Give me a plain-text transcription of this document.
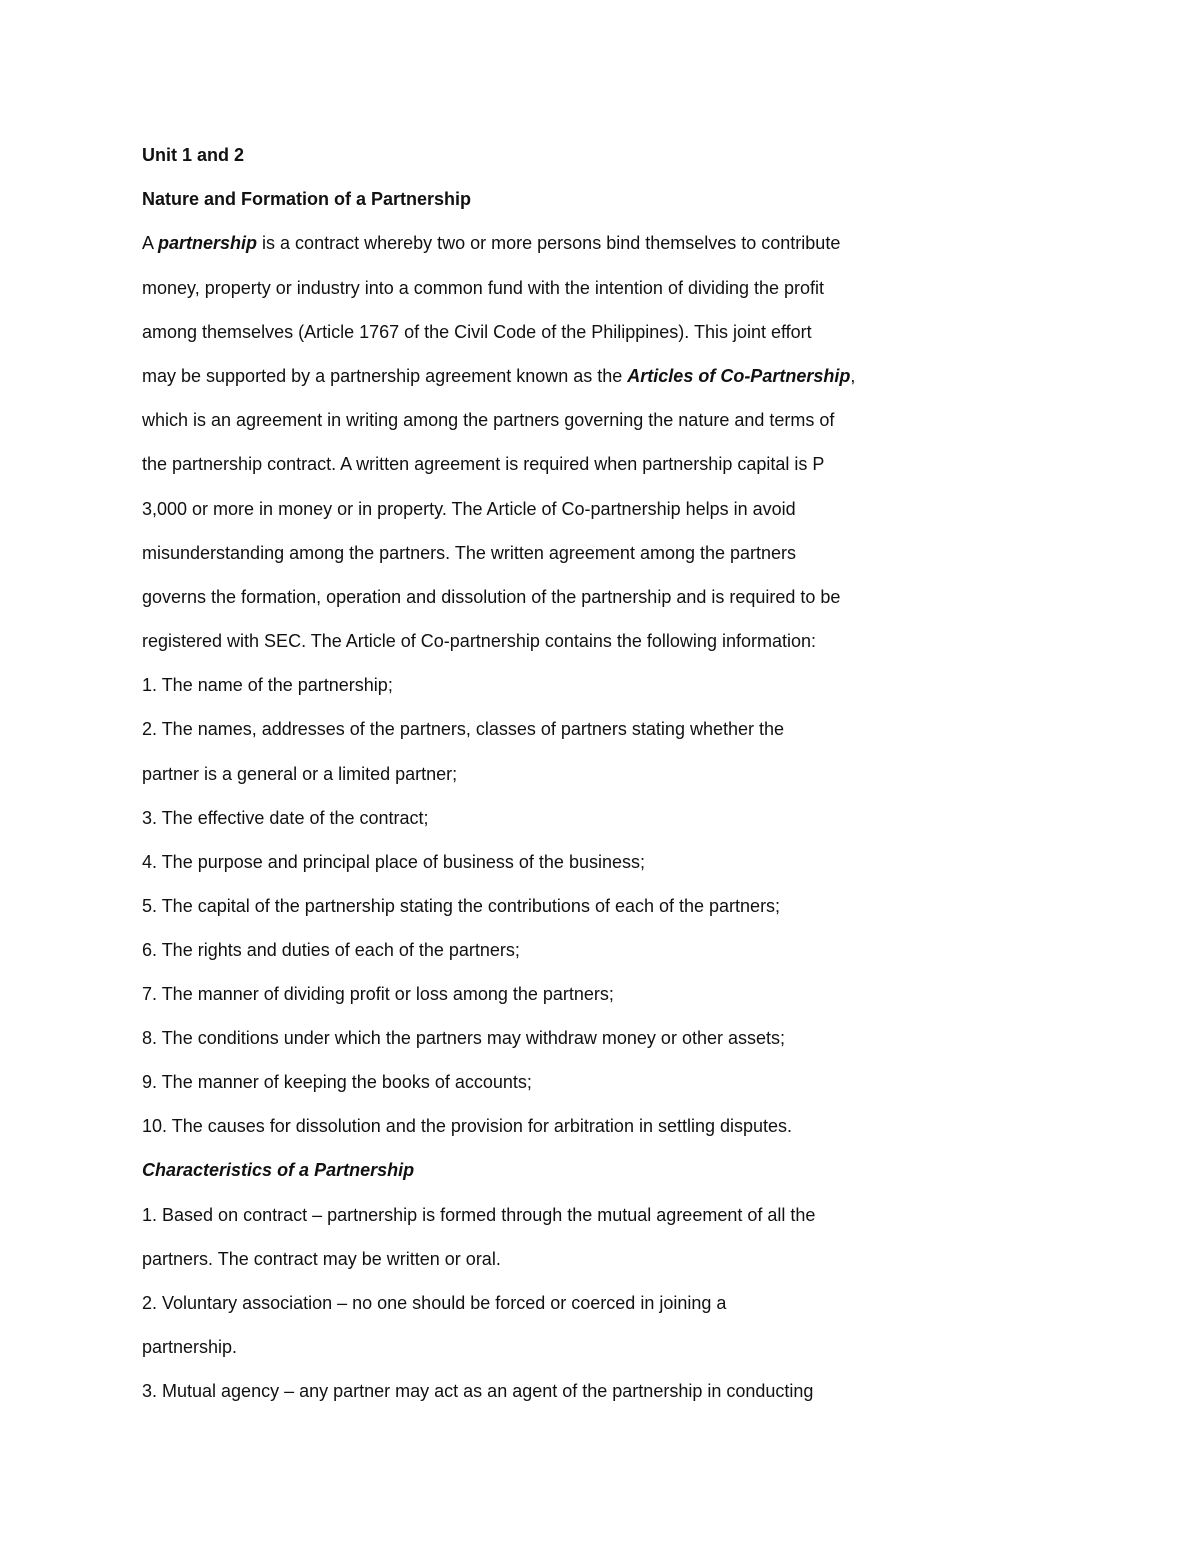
Unit 1 and 2
Nature and Formation of a Partnership
A partnership is a contract whereby two or more persons bind themselves to contribute
money, property or industry into a common fund with the intention of dividing the profit
among themselves (Article 1767 of the Civil Code of the Philippines). This joint effort
may be supported by a partnership agreement known as the Articles of Co-Partnership,
which is an agreement in writing among the partners governing the nature and terms of
the partnership contract. A written agreement is required when partnership capital is P
3,000 or more in money or in property. The Article of Co-partnership helps in avoid
misunderstanding among the partners. The written agreement among the partners
governs the formation, operation and dissolution of the partnership and is required to be
registered with SEC. The Article of Co-partnership contains the following information:
1. The name of the partnership;
2. The names, addresses of the partners, classes of partners stating whether the
partner is a general or a limited partner;
3. The effective date of the contract;
4. The purpose and principal place of business of the business;
5. The capital of the partnership stating the contributions of each of the partners;
6. The rights and duties of each of the partners;
7. The manner of dividing profit or loss among the partners;
8. The conditions under which the partners may withdraw money or other assets;
9. The manner of keeping the books of accounts;
10. The causes for dissolution and the provision for arbitration in settling disputes.
Characteristics of a Partnership
1. Based on contract – partnership is formed through the mutual agreement of all the
partners. The contract may be written or oral.
2. Voluntary association – no one should be forced or coerced in joining a
partnership.
3. Mutual agency – any partner may act as an agent of the partnership in conducting
